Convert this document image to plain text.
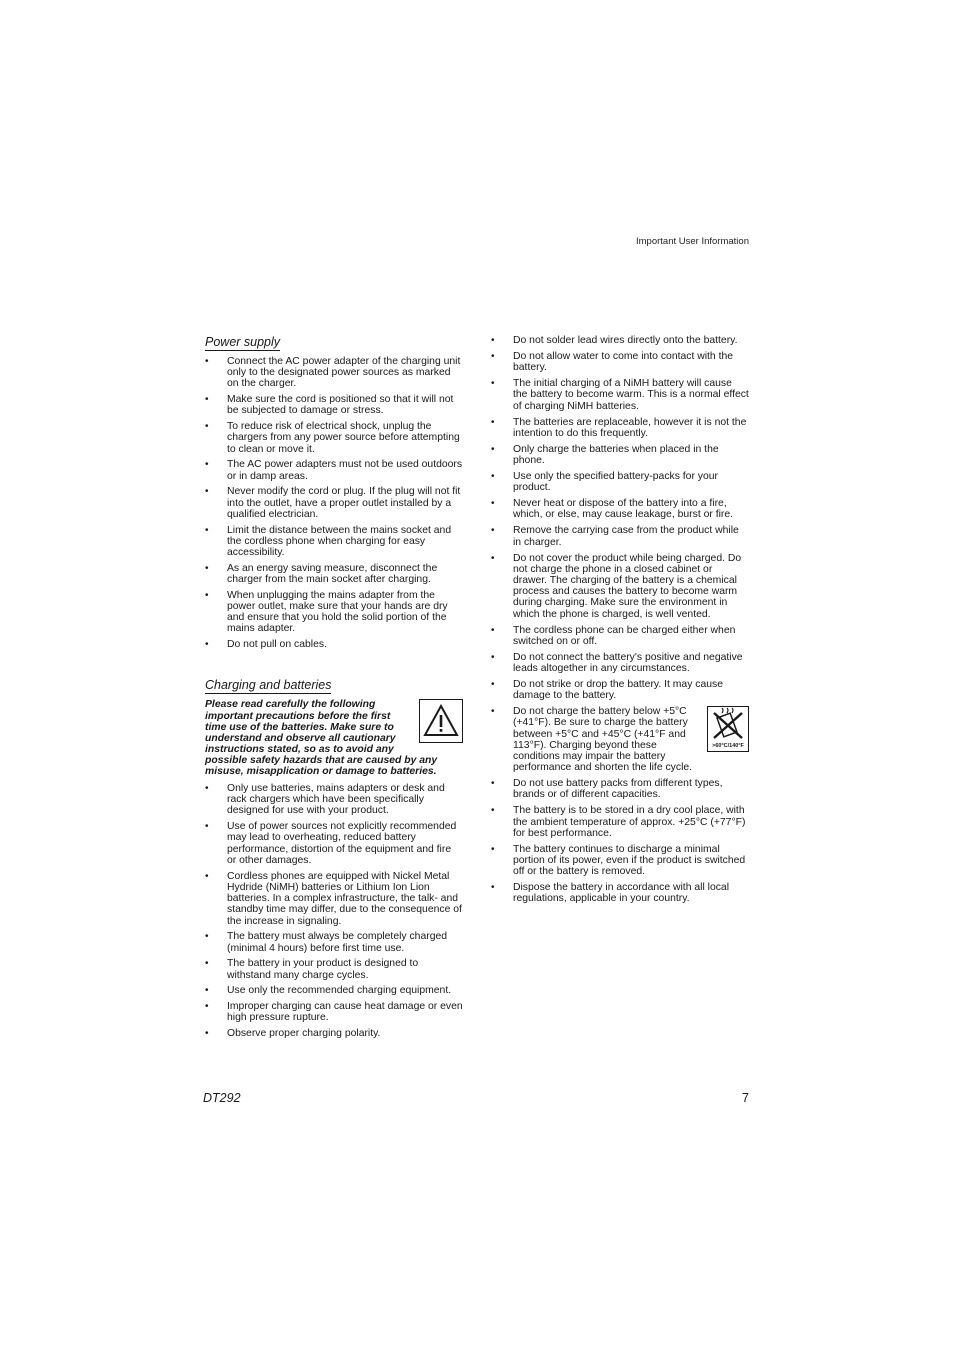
Important User Information
Power supply
• Connect the AC power adapter of the charging unit only to the designated power sources as marked on the charger.
• Make sure the cord is positioned so that it will not be subjected to damage or stress.
• To reduce risk of electrical shock, unplug the chargers from any power source before attempting to clean or move it.
• The AC power adapters must not be used outdoors or in damp areas.
• Never modify the cord or plug. If the plug will not fit into the outlet, have a proper outlet installed by a qualified electrician.
• Limit the distance between the mains socket and the cordless phone when charging for easy accessibility.
• As an energy saving measure, disconnect the charger from the main socket after charging.
• When unplugging the mains adapter from the power outlet, make sure that your hands are dry and ensure that you hold the solid portion of the mains adapter.
• Do not pull on cables.
Charging and batteries

Please read carefully the following important precautions before the first time use of the batteries. Make sure to understand and observe all cautionary instructions stated, so as to avoid any possible safety hazards that are caused by any misuse, misapplication or damage to batteries.

• Only use batteries, mains adapters or desk and rack chargers which have been specifically designed for use with your product.
• Use of power sources not explicitly recommended may lead to overheating, reduced battery performance, distortion of the equipment and fire or other damages.
• Cordless phones are equipped with Nickel Metal Hydride (NiMH) batteries or Lithium Ion Lion batteries. In a complex infrastructure, the talk- and standby time may differ, due to the consequence of the increase in signaling.
• The battery must always be completely charged (minimal 4 hours) before first time use.
• The battery in your product is designed to withstand many charge cycles.
• Use only the recommended charging equipment.
• Improper charging can cause heat damage or even high pressure rupture.
• Observe proper charging polarity.
• Do not solder lead wires directly onto the battery.
• Do not allow water to come into contact with the battery.
• The initial charging of a NiMH battery will cause the battery to become warm. This is a normal effect of charging NiMH batteries.
• The batteries are replaceable, however it is not the intention to do this frequently.
• Only charge the batteries when placed in the phone.
• Use only the specified battery-packs for your product.
• Never heat or dispose of the battery into a fire, which, or else, may cause leakage, burst or fire.
• Remove the carrying case from the product while in charger.
• Do not cover the product while being charged. Do not charge the phone in a closed cabinet or drawer. The charging of the battery is a chemical process and causes the battery to become warm during charging. Make sure the environment in which the phone is charged, is well vented.
• The cordless phone can be charged either when switched on or off.
• Do not connect the battery's positive and negative leads altogether in any circumstances.
• Do not strike or drop the battery. It may cause damage to the battery.
• >60°C/140°F
Do not charge the battery below +5°C (+41°F). Be sure to charge the battery between +5°C and +45°C (+41°F and 113°F). Charging beyond these conditions may impair the battery performance and shorten the life cycle.
• Do not use battery packs from different types, brands or of different capacities.
• The battery is to be stored in a dry cool place, with the ambient temperature of approx. +25°C (+77°F) for best performance.
• The battery continues to discharge a minimal portion of its power, even if the product is switched off or the battery is removed.
• Dispose the battery in accordance with all local regulations, applicable in your country.
DT292	7
